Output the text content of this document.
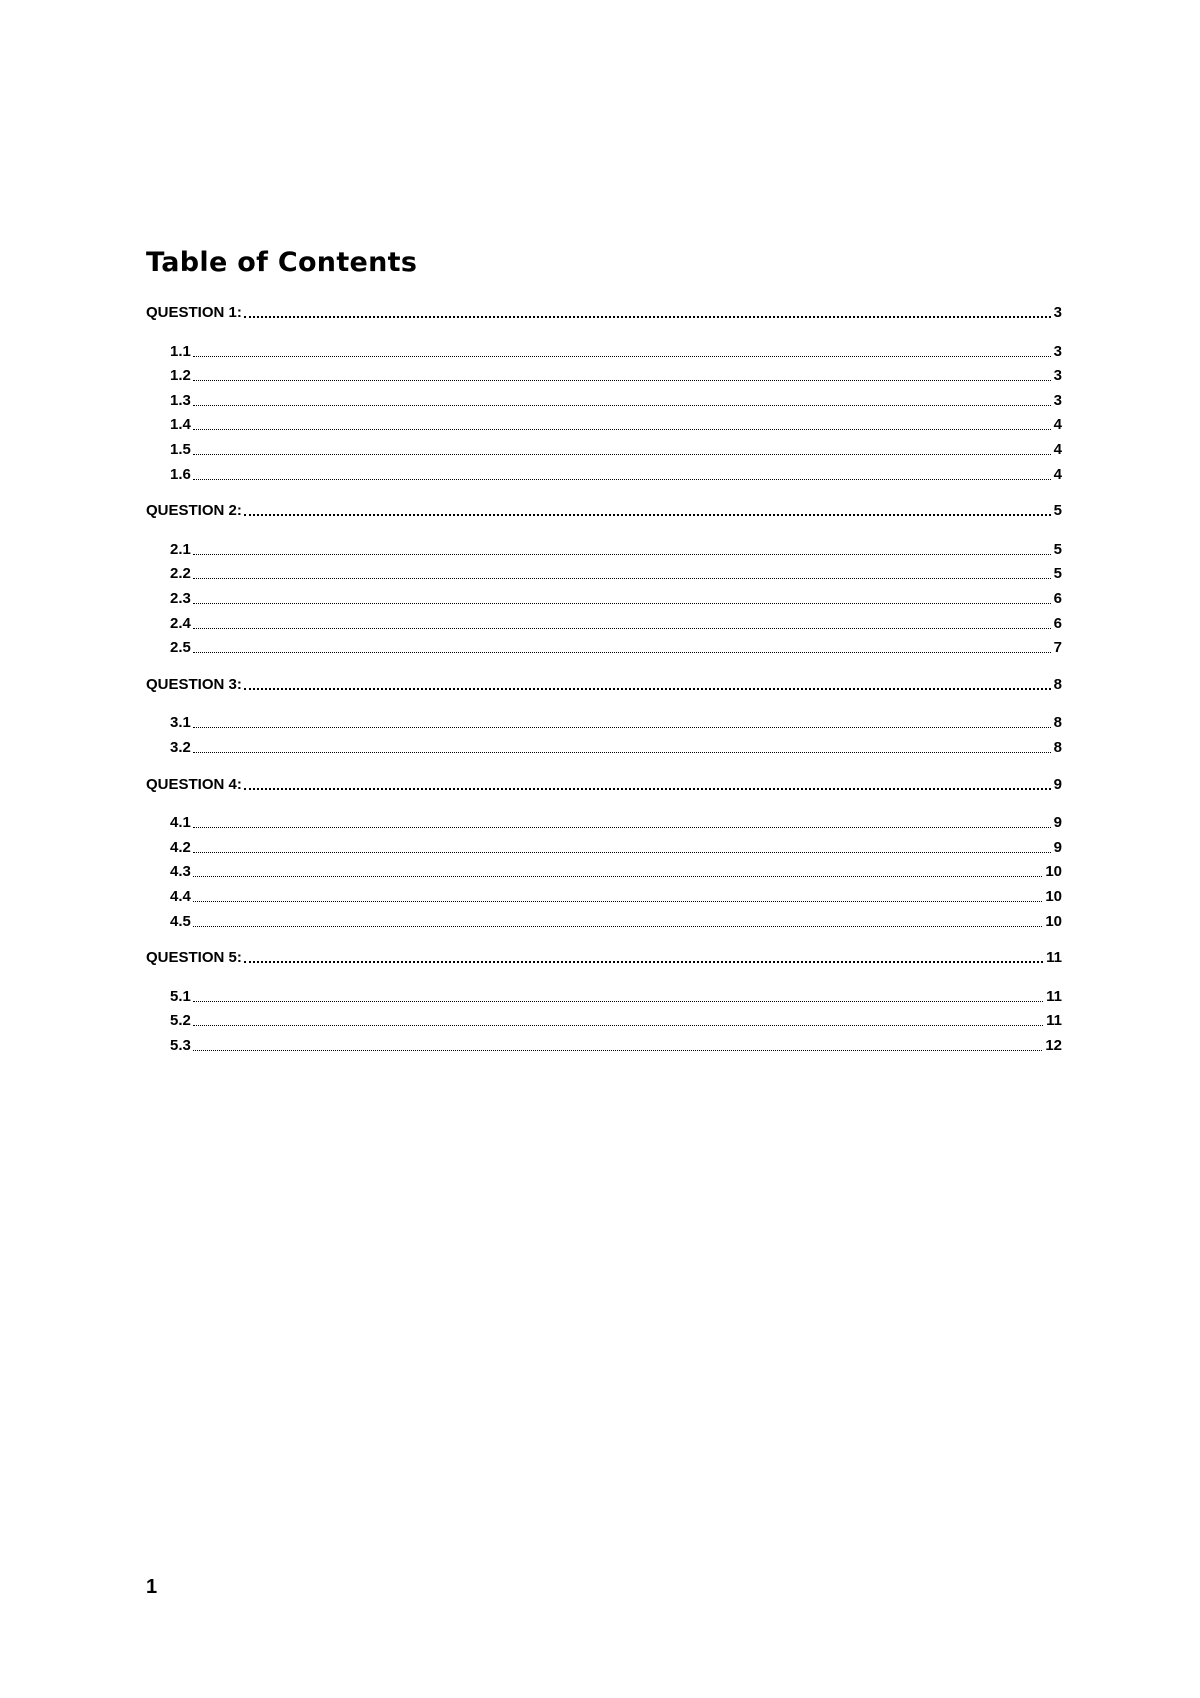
Table of Contents
QUESTION 1:	3
1.1	3
1.2	3
1.3	3
1.4	4
1.5	4
1.6	4
QUESTION 2:	5
2.1	5
2.2	5
2.3	6
2.4	6
2.5	7
QUESTION 3:	8
3.1	8
3.2	8
QUESTION 4:	9
4.1	9
4.2	9
4.3	10
4.4	10
4.5	10
QUESTION 5:	11
5.1	11
5.2	11
5.3	12
1
